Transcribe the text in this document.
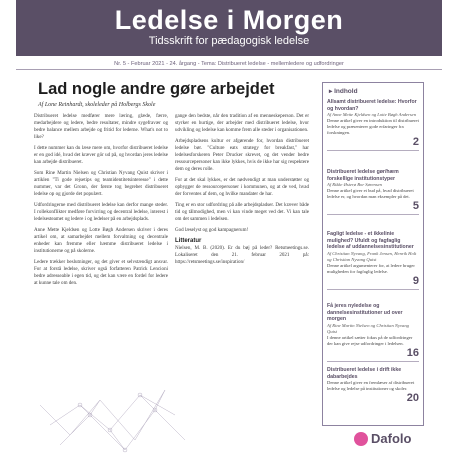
Ledelse i Morgen
Tidsskrift for pædagogisk ledelse
Nr. 5 - Februar 2021 - 24. årgang - Tema: Distribueret ledelse - mellemledere og udfordringer
Lad nogle andre gøre arbejdet
Af Lone Reinhardt, skoleleder på Holbergs Skole

Distribueret ledelse medfører mere læring, glæde, færre, medarbejdere og ledere, bedre resultater, mindre sygefravær og bedre balance mellem arbejde og fritid for lederne. What's not to like?

I dette nummer kan du læse mere om, hvorfor distribueret ledelse er en god idé, hvad det kræver gör ud på, og hvordan jeres ledelse kan arbejde distribueret.

Som Rine Martin Nielsen og Christian Nyvang Quist skriver i artiklen "Ti gode rejsetips og teamidentitetsinteresse" i dette nummer, var det Gronn, der første tog begrebet distribueret ledelse op og gjorde det populært.

Udfordringerne med distribueret ledelse kan derfor mange steder. I rollekonflikter medføre forvirring og decentral ledelse, interest i ledelsesteamet og ledere i og ledelser på en arbejdsplads.

Anne Mette Kjeldsen og Lotte Bøgh Andersen skriver i deres artikel om, at samarbejdet mellem forvaltning og decentrale enheder kan fremme eller hæmme distribueret ledelse i institutionerne og på skolerne.

Ledere trækker beslutninger, og det giver et selvstændigt ansvar. For at forstå ledelse, skriver også forfatteren Patrick Lencioni bedre adresseable i egen tid, og det kan være en fordel for ledere at kunne tale om den.

gange den bedste, når den tradition af en menneskeperson. Det er styrker en hurtige, der arbejder med distribueret ledelse, hvor udvikling og ledelse kan komme frem alle steder i organisationen.

Arbejdspladsens kultur er afgørende for, hvordan distribueret ledelse bør. "Culture eats strategy for breakfast," har ledelsesforskeren Peter Drucker skrevet, og det vender bedre ressourcepersoner kan ikke lykkes, hvis de ikke har sig respektere dem og deres rolle.

For at det skal lykkes, er det nødvendigt at man understøtter og opbygger de ressourcepersoner i kommunen, og at de ved, hvad der forventes af dem, og hvilke mandater de har.

Ting er en stor udfordring på alle arbejdspladser. Det kræver både tid og tålmodighed, men vi kan vinde meget ved det. Vi kan tale om det sammen i ledelsen.

God læselyst og god kampagnerum!

Litteratur

Nielsen, M. B. (2020). Er du bøj på leder? Retsmeetings.se. Lokaliseret den 21. februar 2021 på: https://retsmeetings.se/inspiration/

▸ Indhold
Allsamt distribueret ledelse: Hvorfor og hvordan?
Af Anne Mette Kjeldsen og Lotte Bøgh Andersen
Denne artikel giver en introduktion til distribueret ledelse og præsenterer gode erfaringer fra forskningen.
2
Distribueret ledelse gør/hæm forskellige institutionstyper
Af Rikke Østerø Bor Sørensen
Denne artikel giver et bud på, hvad distribueret ledelse er, og hvordan man eksempler på det.
5
Fagligt ledelse - et ikkelinie mulighed? Ufuldt og fagfaglig ledelse af uddannelsesinstitutioner
Af Christian Nyvang, Frank Jensen, Henrik Holt og Christian Nyvang Quist
Denne artikel argumenterer for, at ledere bruger muligheden for fagfaglig ledelse.
9
Få jeres nyledelse og dannelsesinstitutioner ud over morgen
Af Rine Martin Nielsen og Christian Nyvang Quist
I denne artikel sætter fokus på de udfordringer der kan give rejse udfordringer i ledelsen.
16
Distribueret ledelse i drift ikke dabarbejdes
Denne artikel giver en fremlæser af distribueret ledelse og ledelse på institutioner og skoler.
20
Dafolo
